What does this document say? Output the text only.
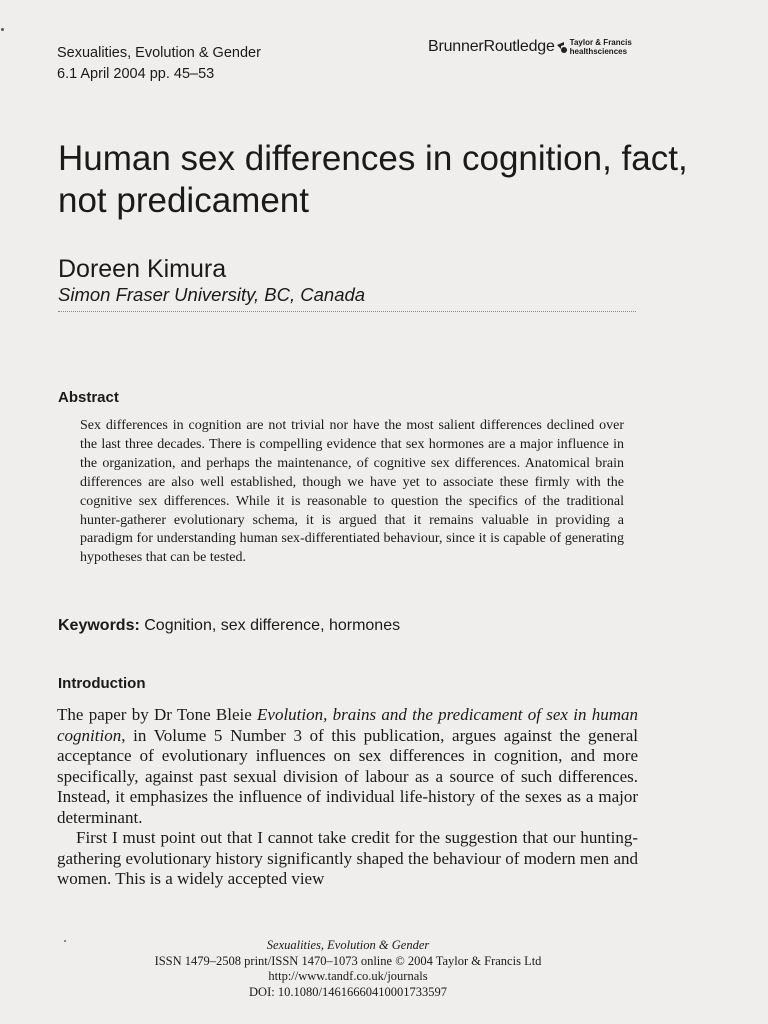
Sexualities, Evolution & Gender
6.1 April 2004 pp. 45–53
BrunnerRoutledge Taylor & Francis
healthsciences
Human sex differences in cognition, fact, not predicament
Doreen Kimura
Simon Fraser University, BC, Canada
Abstract

Sex differences in cognition are not trivial nor have the most salient differences declined over the last three decades. There is compelling evidence that sex hormones are a major influence in the organization, and perhaps the maintenance, of cognitive sex differences. Anatomical brain differences are also well established, though we have yet to associate these firmly with the cognitive sex differences. While it is reasonable to question the specifics of the traditional hunter-gatherer evolutionary schema, it is argued that it remains valuable in providing a paradigm for understanding human sex-differentiated behaviour, since it is capable of generating hypotheses that can be tested.

Keywords: Cognition, sex difference, hormones
Introduction

The paper by Dr Tone Bleie Evolution, brains and the predicament of sex in human cognition, in Volume 5 Number 3 of this publication, argues against the general acceptance of evolutionary influences on sex differences in cognition, and more specifically, against past sexual division of labour as a source of such differences. Instead, it emphasizes the influence of individual life-history of the sexes as a major determinant.

First I must point out that I cannot take credit for the suggestion that our hunting-gathering evolutionary history significantly shaped the behaviour of modern men and women. This is a widely accepted view

Sexualities, Evolution & Gender
ISSN 1479–2508 print/ISSN 1470–1073 online © 2004 Taylor & Francis Ltd
http://www.tandf.co.uk/journals
DOI: 10.1080/14616660410001733597
